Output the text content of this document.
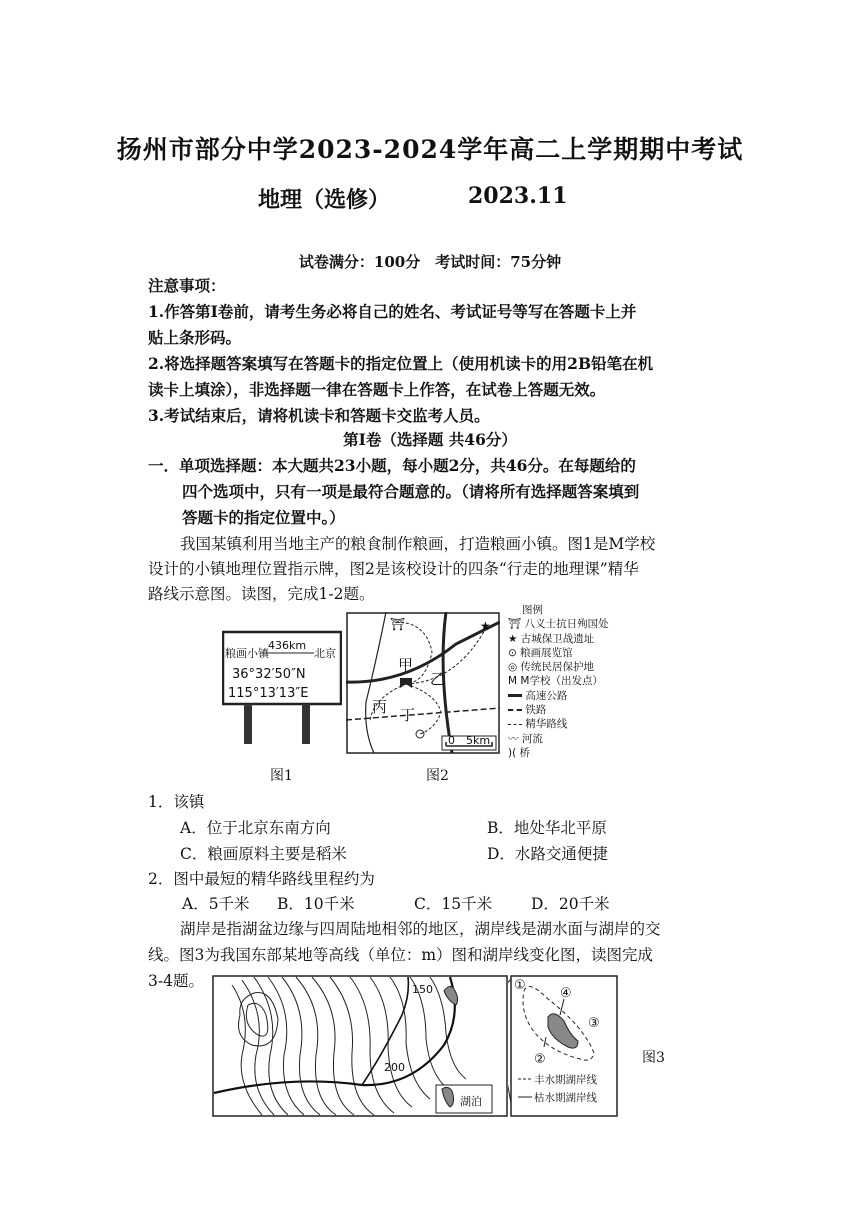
扬州市部分中学2023-2024学年高二上学期期中考试
地理（选修）	2023.11
试卷满分：100分　考试时间：75分钟
注意事项：
1.作答第Ⅰ卷前，请考生务必将自己的姓名、考试证号等写在答题卡上并
贴上条形码。
2.将选择题答案填写在答题卡的指定位置上（使用机读卡的用2B铅笔在机
读卡上填涂），非选择题一律在答题卡上作答，在试卷上答题无效。
3.考试结束后，请将机读卡和答题卡交监考人员。
第Ⅰ卷（选择题 共46分）
一．单项选择题：本大题共23小题，每小题2分，共46分。在每题给的
四个选项中，只有一项是最符合题意的。（请将所有选择题答案填到
答题卡的指定位置中。）
我国某镇利用当地主产的粮食制作粮画，打造粮画小镇。图1是M学校
设计的小镇地理位置指示牌，图2是该校设计的四条“行走的地理课”精华
路线示意图。读图，完成1-2题。
粮画小镇
436km
北京
36°32′50″N
115°13′13″E
图1
⛩	★
0　5km
甲
乙
丙 丁
图2
图例
⛩ 八义士抗日殉国处
★ 古城保卫战遗址
⊙ 粮画展览馆
◎ 传统民居保护地
M M学校（出发点）
高速公路
铁路
精华路线
〰 河流
)( 桥
1．该镇
A．位于北京东南方向	B．地处华北平原
C．粮画原料主要是稻米	D．水路交通便捷
2．图中最短的精华路线里程约为
A．5千米 B．10千米	C．15千米	D．20千米
湖岸是指湖盆边缘与四周陆地相邻的地区，湖岸线是湖水面与湖岸的交
线。图3为我国东部某地等高线（单位：m）图和湖岸线变化图，读图完成
3-4题。
湖泊
150
200
①
②
③
④
丰水期湖岸线
枯水期湖岸线
图3
